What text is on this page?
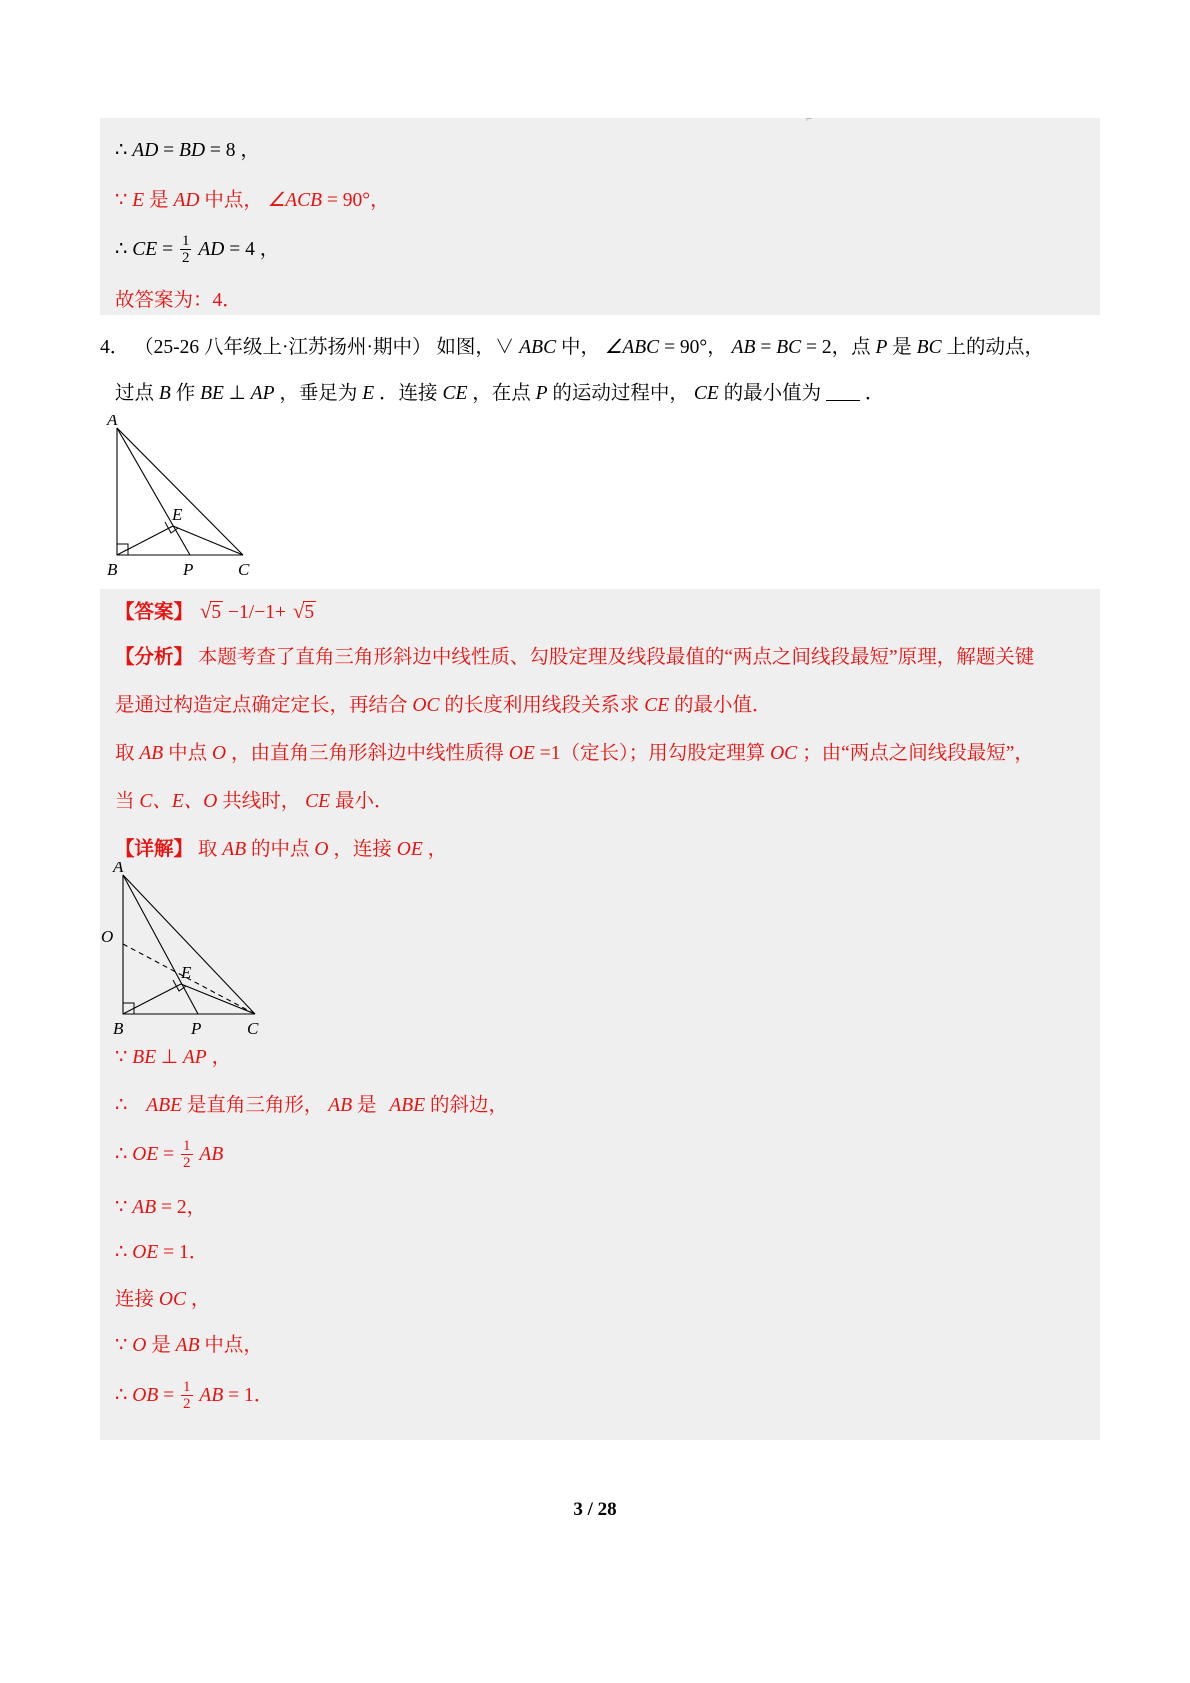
⌐
∴ AD = BD = 8 ，
∵ E 是 AD 中点， ∠ACB = 90°，
∴ CE = $\frac{1}{2}$ AD = 4 ，
故答案为：4．
4． （25-26 八年级上·江苏扬州·期中） 如图，∨ ABC 中， ∠ABC = 90°， AB = BC = 2，点 P 是 BC 上的动点，
过点 B 作 BE ⊥ AP ，垂足为 E ．连接 CE ，在点 P 的运动过程中， CE 的最小值为 ．
A
E
B	P	C
【答案】 √5 −1/−1+ √5
【分析】 本题考查了直角三角形斜边中线性质、勾股定理及线段最值的“两点之间线段最短”原理，解题关键
是通过构造定点确定定长，再结合 OC 的长度利用线段关系求 CE 的最小值．
取 AB 中点 O ，由直角三角形斜边中线性质得 OE =1（定长）；用勾股定理算 OC ；由“两点之间线段最短”，
当 C、E、O 共线时， CE 最小．
【详解】 取 AB 的中点 O ，连接 OE ，
A
O
E
B	P	C
∵ BE ⊥ AP ，
∴ ABE 是直角三角形， AB 是 ABE 的斜边，
∴ OE = $\frac{1}{2}$ AB
∵ AB = 2，
∴ OE = 1．
连接 OC ，
∵ O 是 AB 中点，
∴ OB = $\frac{1}{2}$ AB = 1．
3 / 28
